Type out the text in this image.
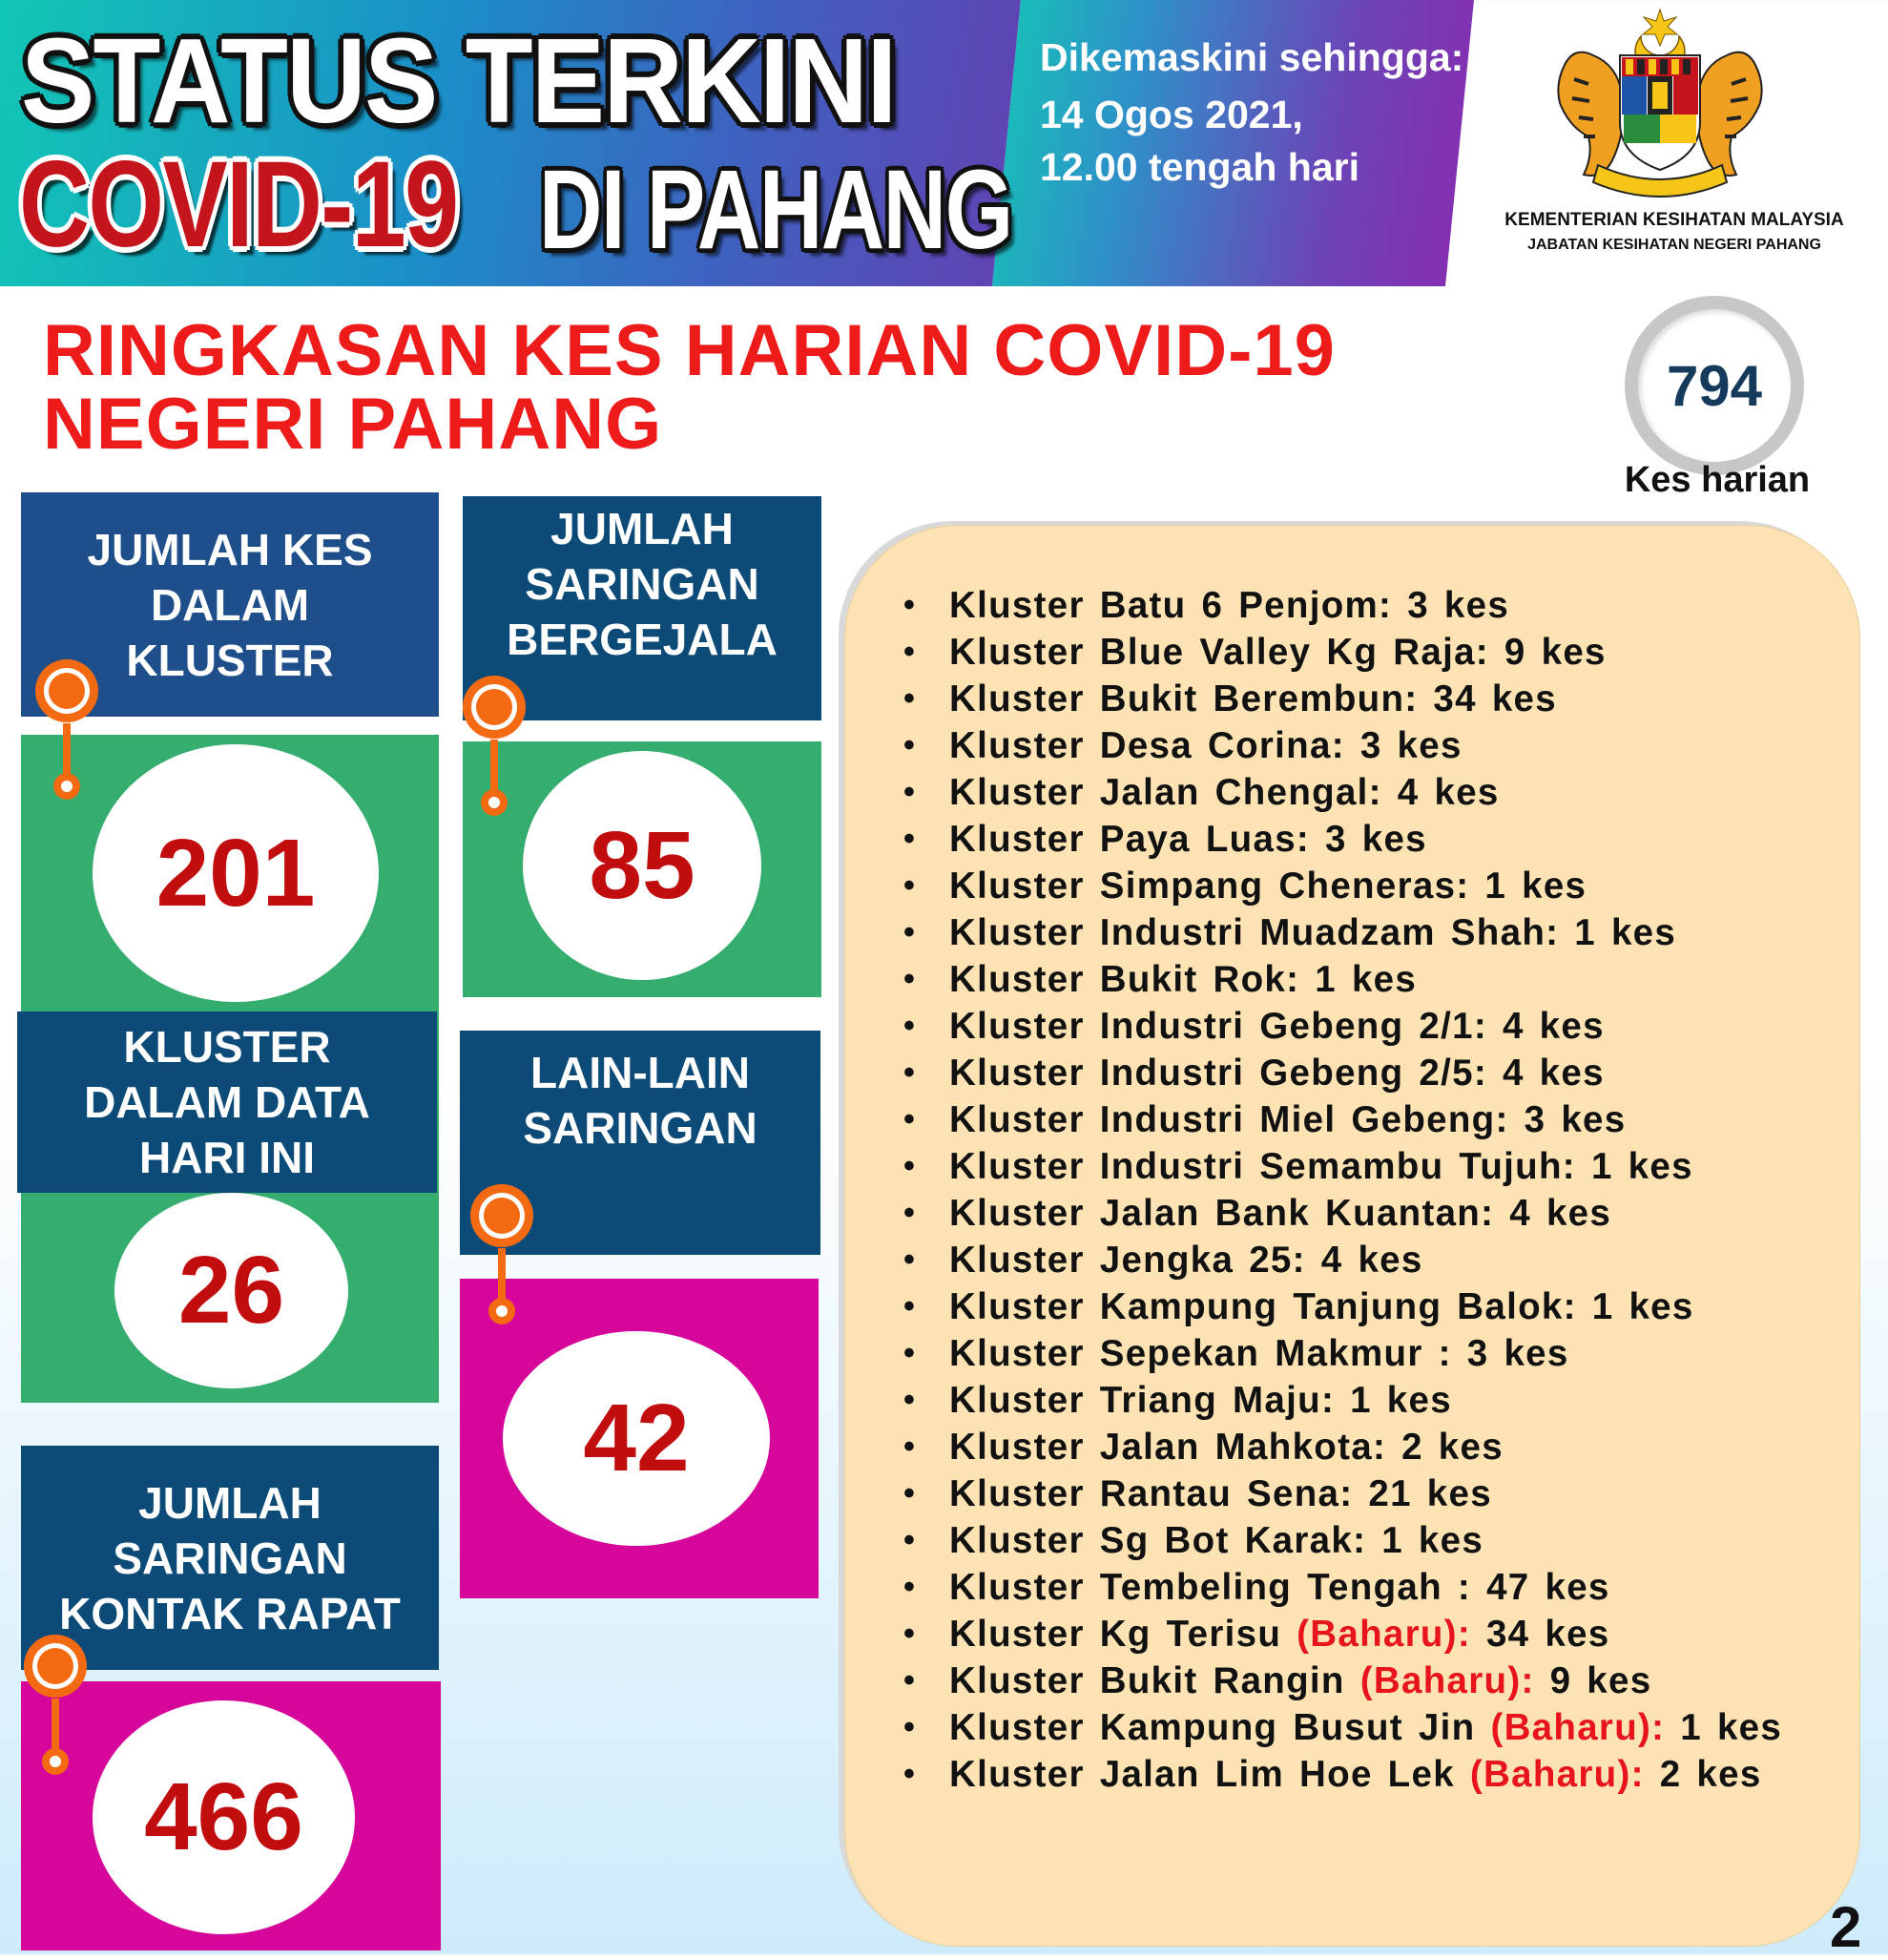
STATUS TERKINI
COVID-19 DI PAHANG
Dikemaskini sehingga:
14 Ogos 2021,
12.00 tengah hari
KEMENTERIAN KESIHATAN MALAYSIA
JABATAN KESIHATAN NEGERI PAHANG
RINGKASAN KES HARIAN COVID-19
NEGERI PAHANG	794
Kes harian
JUMLAH KES
DALAM
KLUSTER
201
JUMLAH
SARINGAN
BERGEJALA
85
26
KLUSTER
DALAM DATA
HARI INI
LAIN-LAIN
SARINGAN
42
JUMLAH
SARINGAN
KONTAK RAPAT
466
• Kluster Batu 6 Penjom: 3 kes
• Kluster Blue Valley Kg Raja: 9 kes
• Kluster Bukit Berembun: 34 kes
• Kluster Desa Corina: 3 kes
• Kluster Jalan Chengal: 4 kes
• Kluster Paya Luas: 3 kes
• Kluster Simpang Cheneras: 1 kes
• Kluster Industri Muadzam Shah: 1 kes
• Kluster Bukit Rok: 1 kes
• Kluster Industri Gebeng 2/1: 4 kes
• Kluster Industri Gebeng 2/5: 4 kes
• Kluster Industri Miel Gebeng: 3 kes
• Kluster Industri Semambu Tujuh: 1 kes
• Kluster Jalan Bank Kuantan: 4 kes
• Kluster Jengka 25: 4 kes
• Kluster Kampung Tanjung Balok: 1 kes
• Kluster Sepekan Makmur : 3 kes
• Kluster Triang Maju: 1 kes
• Kluster Jalan Mahkota: 2 kes
• Kluster Rantau Sena: 21 kes
• Kluster Sg Bot Karak: 1 kes
• Kluster Tembeling Tengah : 47 kes
• Kluster Kg Terisu (Baharu): 34 kes
• Kluster Bukit Rangin (Baharu): 9 kes
• Kluster Kampung Busut Jin (Baharu): 1 kes
• Kluster Jalan Lim Hoe Lek (Baharu): 2 kes
2
